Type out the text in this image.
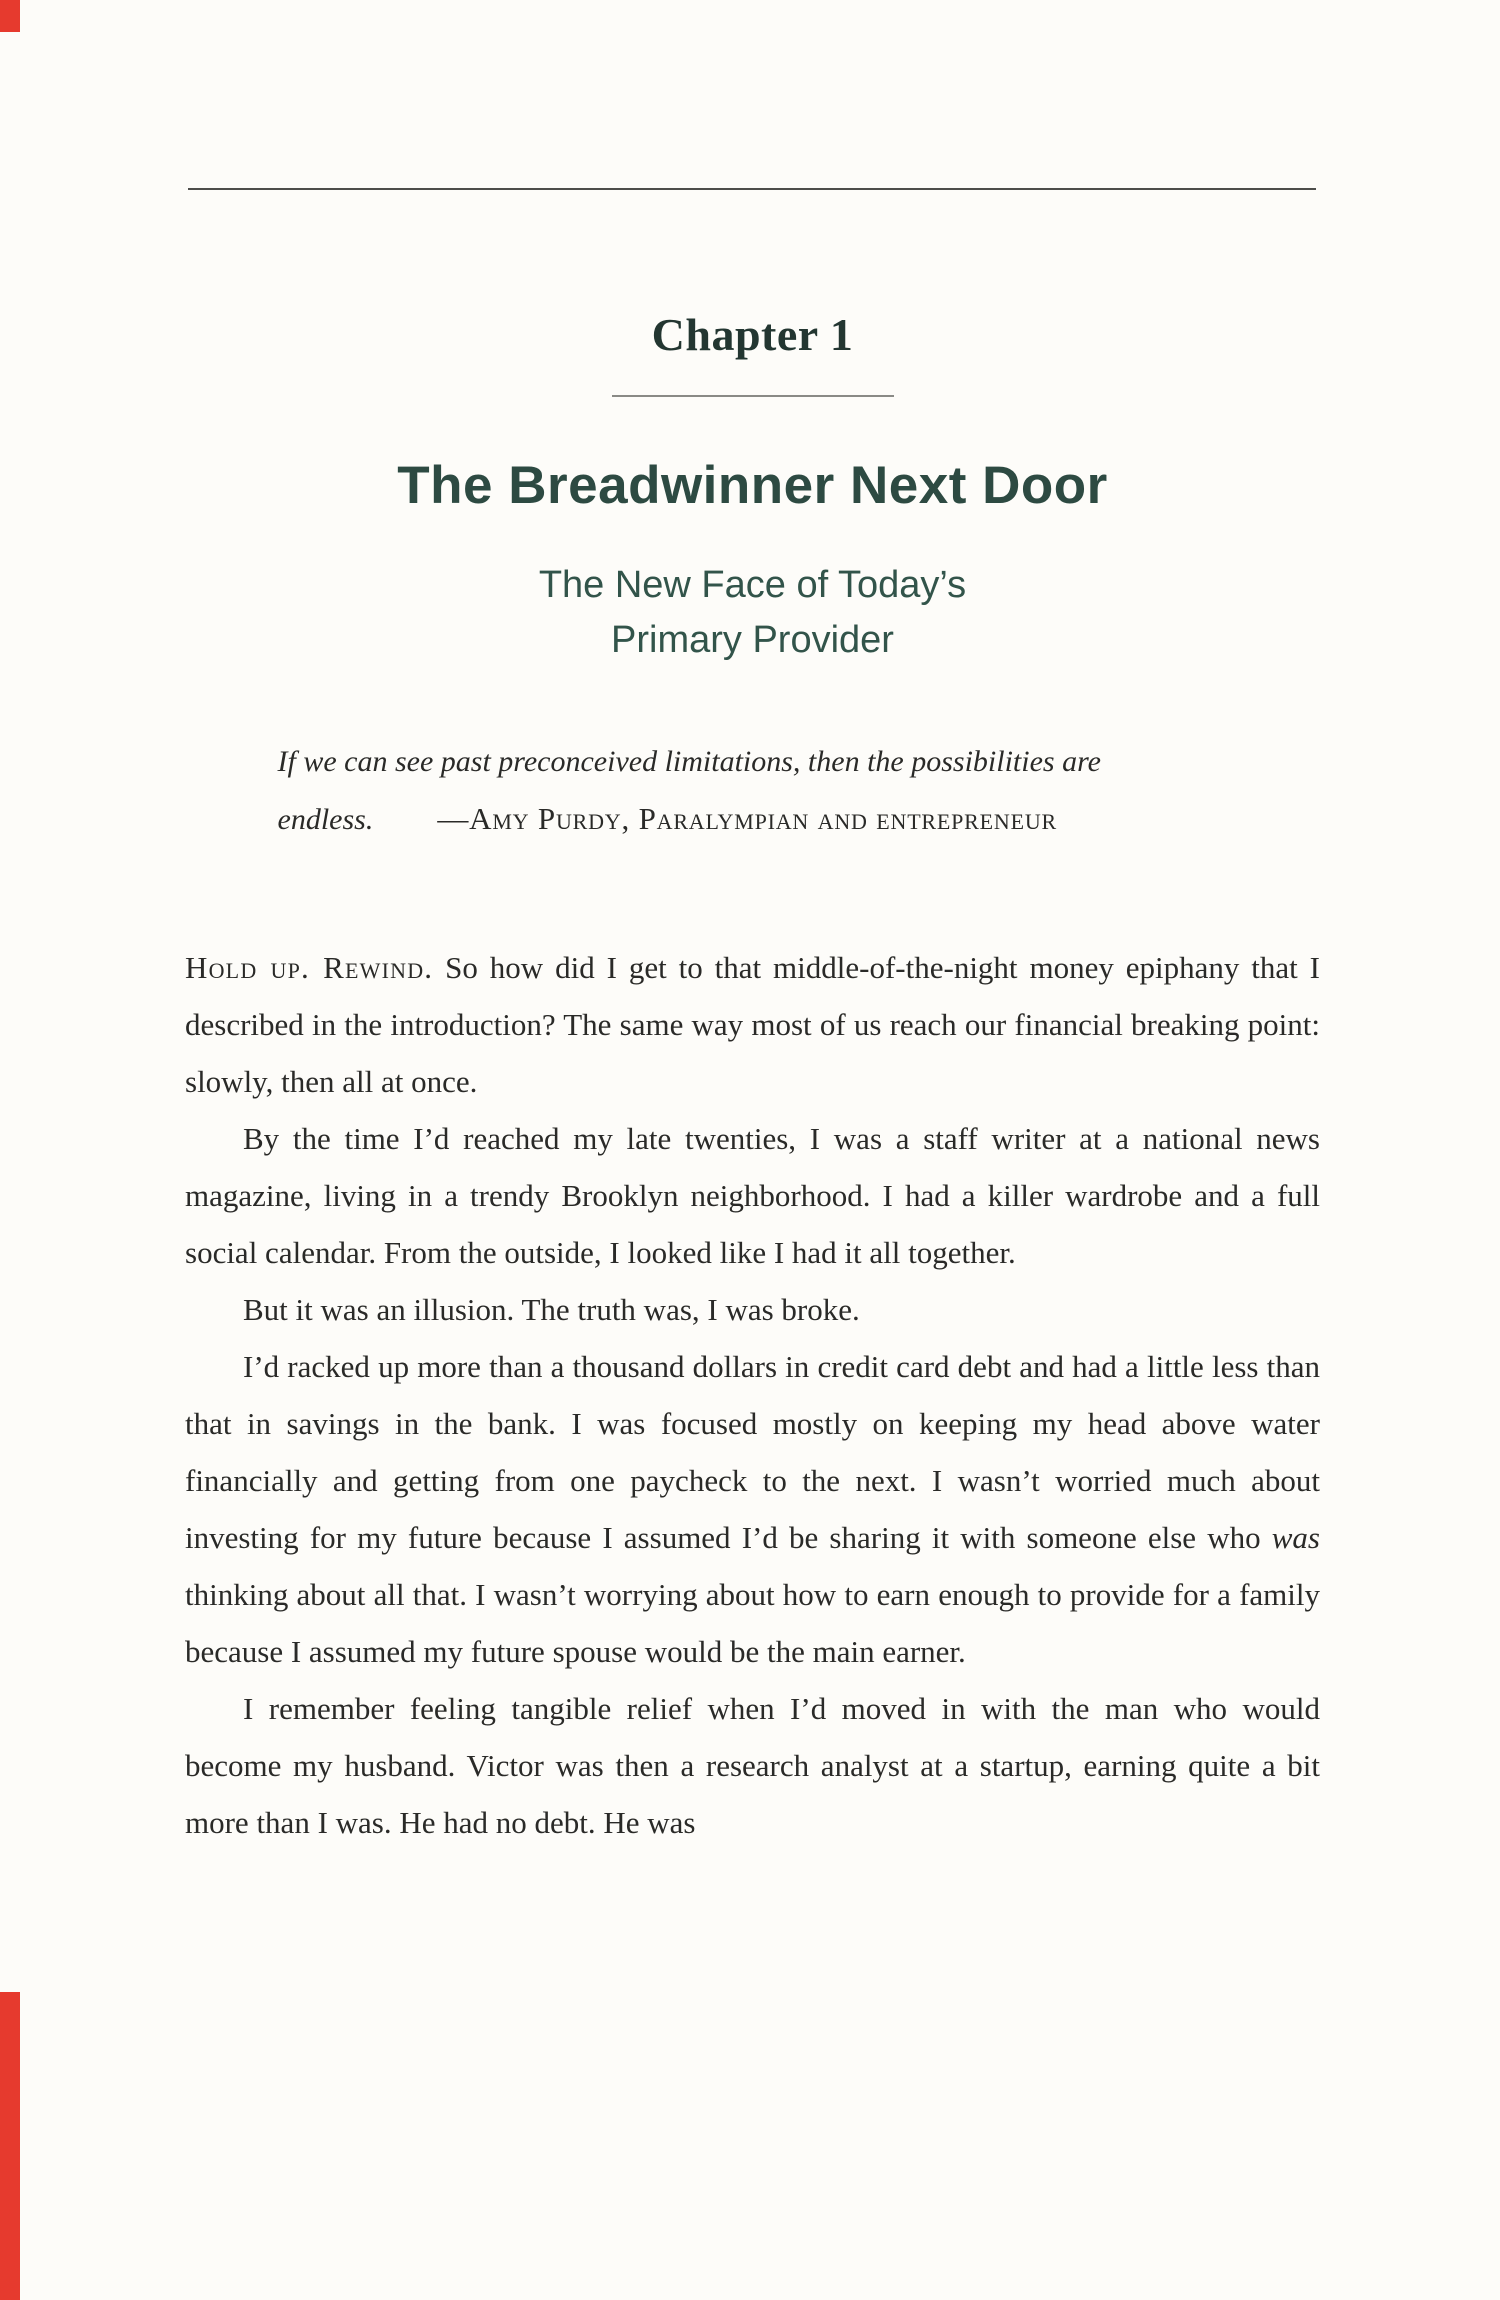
Chapter 1
The Breadwinner Next Door
The New Face of Today’s
Primary Provider
If we can see past preconceived limitations, then the possibilities are
endless. —Amy Purdy, Paralympian and entrepreneur

Hold up. Rewind. So how did I get to that middle-of-the-night money epiphany that I described in the introduction? The same way most of us reach our financial breaking point: slowly, then all at once.

By the time I’d reached my late twenties, I was a staff writer at a national news magazine, living in a trendy Brooklyn neighborhood. I had a killer wardrobe and a full social calendar. From the outside, I looked like I had it all together.

But it was an illusion. The truth was, I was broke.

I’d racked up more than a thousand dollars in credit card debt and had a little less than that in savings in the bank. I was focused mostly on keeping my head above water financially and getting from one paycheck to the next. I wasn’t worried much about investing for my future because I assumed I’d be sharing it with someone else who was thinking about all that. I wasn’t worrying about how to earn enough to provide for a family because I assumed my future spouse would be the main earner.

I remember feeling tangible relief when I’d moved in with the man who would become my husband. Victor was then a research analyst at a startup, earning quite a bit more than I was. He had no debt. He was
